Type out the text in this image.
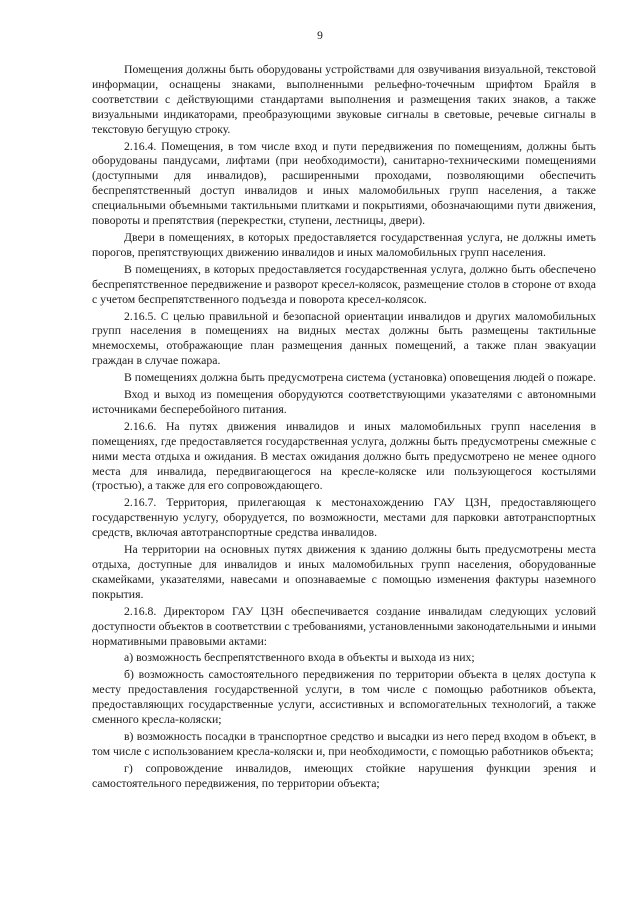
9

Помещения должны быть оборудованы устройствами для озвучивания визуальной, текстовой информации, оснащены знаками, выполненными рельефно-точечным шрифтом Брайля в соответствии с действующими стандартами выполнения и размещения таких знаков, а также визуальными индикаторами, преобразующими звуковые сигналы в световые, речевые сигналы в текстовую бегущую строку.

2.16.4. Помещения, в том числе вход и пути передвижения по помещениям, должны быть оборудованы пандусами, лифтами (при необходимости), санитарно-техническими помещениями (доступными для инвалидов), расширенными проходами, позволяющими обеспечить беспрепятственный доступ инвалидов и иных маломобильных групп населения, а также специальными объемными тактильными плитками и покрытиями, обозначающими пути движения, повороты и препятствия (перекрестки, ступени, лестницы, двери).

Двери в помещениях, в которых предоставляется государственная услуга, не должны иметь порогов, препятствующих движению инвалидов и иных маломобильных групп населения.

В помещениях, в которых предоставляется государственная услуга, должно быть обеспечено беспрепятственное передвижение и разворот кресел-колясок, размещение столов в стороне от входа с учетом беспрепятственного подъезда и поворота кресел-колясок.

2.16.5. С целью правильной и безопасной ориентации инвалидов и других маломобильных групп населения в помещениях на видных местах должны быть размещены тактильные мнемосхемы, отображающие план размещения данных помещений, а также план эвакуации граждан в случае пожара.

В помещениях должна быть предусмотрена система (установка) оповещения людей о пожаре.

Вход и выход из помещения оборудуются соответствующими указателями с автономными источниками бесперебойного питания.

2.16.6. На путях движения инвалидов и иных маломобильных групп населения в помещениях, где предоставляется государственная услуга, должны быть предусмотрены смежные с ними места отдыха и ожидания. В местах ожидания должно быть предусмотрено не менее одного места для инвалида, передвигающегося на кресле-коляске или пользующегося костылями (тростью), а также для его сопровождающего.

2.16.7. Территория, прилегающая к местонахождению ГАУ ЦЗН, предоставляющего государственную услугу, оборудуется, по возможности, местами для парковки автотранспортных средств, включая автотранспортные средства инвалидов.

На территории на основных путях движения к зданию должны быть предусмотрены места отдыха, доступные для инвалидов и иных маломобильных групп населения, оборудованные скамейками, указателями, навесами и опознаваемые с помощью изменения фактуры наземного покрытия.

2.16.8. Директором ГАУ ЦЗН обеспечивается создание инвалидам следующих условий доступности объектов в соответствии с требованиями, установленными законодательными и иными нормативными правовыми актами:

а) возможность беспрепятственного входа в объекты и выхода из них;

б) возможность самостоятельного передвижения по территории объекта в целях доступа к месту предоставления государственной услуги, в том числе с помощью работников объекта, предоставляющих государственные услуги, ассистивных и вспомогательных технологий, а также сменного кресла-коляски;

в) возможность посадки в транспортное средство и высадки из него перед входом в объект, в том числе с использованием кресла-коляски и, при необходимости, с помощью работников объекта;

г) сопровождение инвалидов, имеющих стойкие нарушения функции зрения и самостоятельного передвижения, по территории объекта;
